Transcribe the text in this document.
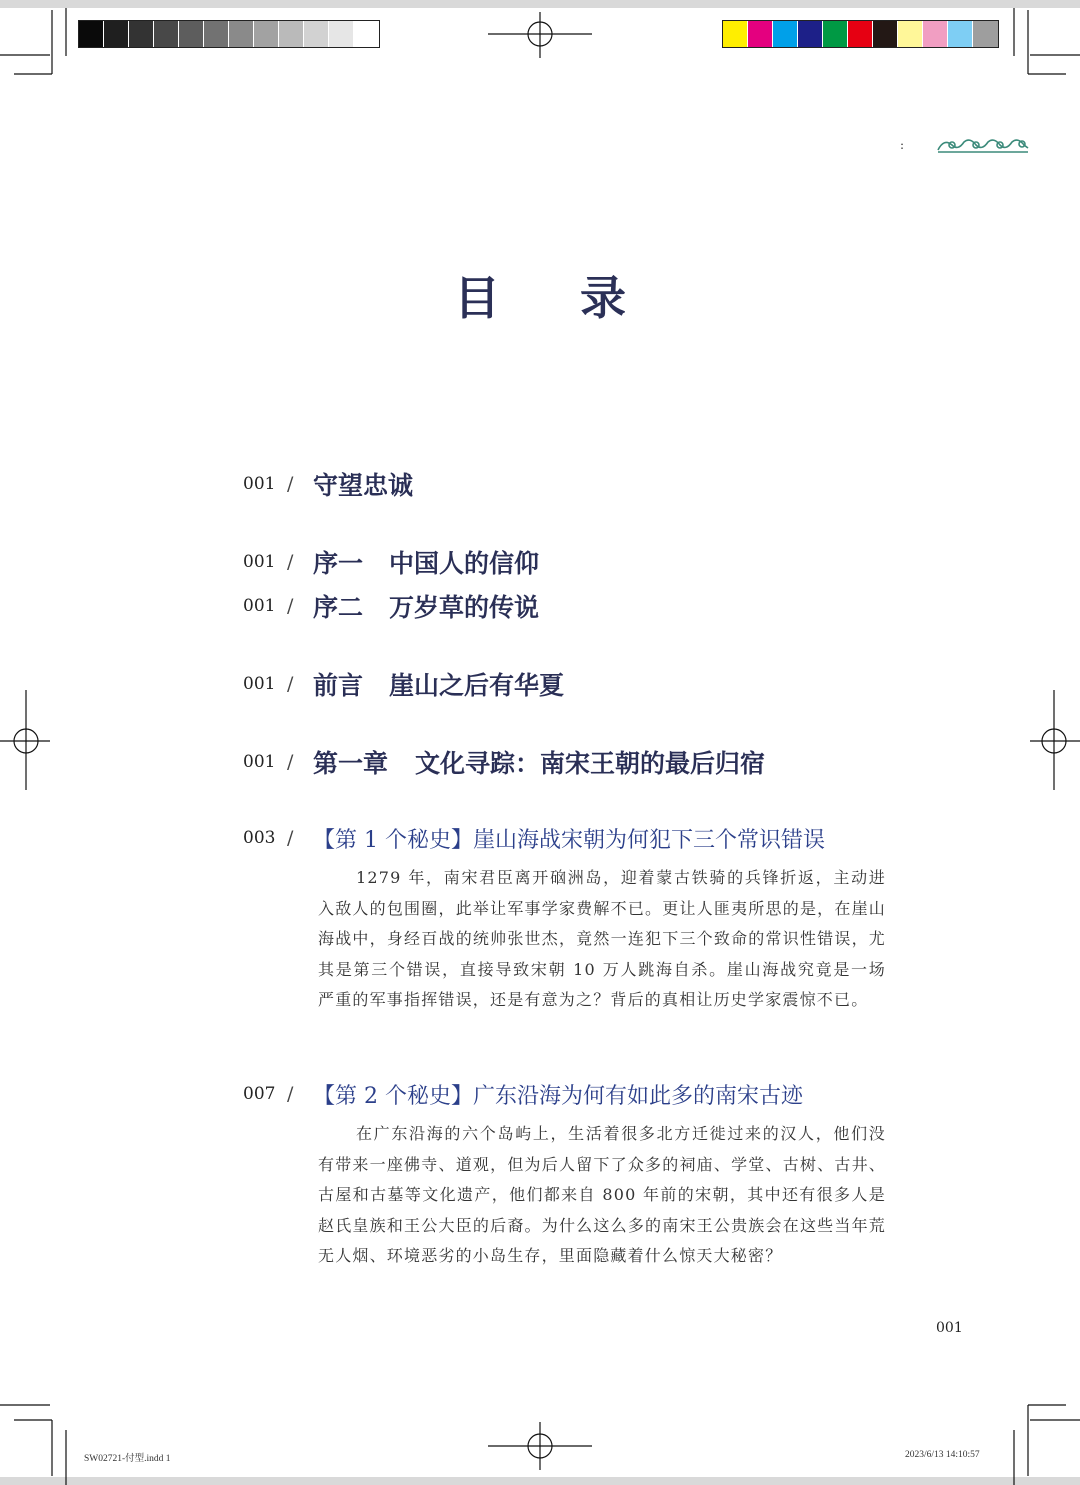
:
目 录
001 / 守望忠诚
001 / 序一 中国人的信仰
001 / 序二 万岁草的传说
001 / 前言 崖山之后有华夏
001 / 第一章 文化寻踪：南宋王朝的最后归宿
003 / 【第 1 个秘史】崖山海战宋朝为何犯下三个常识错误
1279 年，南宋君臣离开硇洲岛，迎着蒙古铁骑的兵锋折返，主动进入敌人的包围圈，此举让军事学家费解不已。更让人匪夷所思的是，在崖山海战中，身经百战的统帅张世杰，竟然一连犯下三个致命的常识性错误，尤其是第三个错误，直接导致宋朝 10 万人跳海自杀。崖山海战究竟是一场严重的军事指挥错误，还是有意为之？背后的真相让历史学家震惊不已。
007 / 【第 2 个秘史】广东沿海为何有如此多的南宋古迹
在广东沿海的六个岛屿上，生活着很多北方迁徙过来的汉人，他们没有带来一座佛寺、道观，但为后人留下了众多的祠庙、学堂、古树、古井、古屋和古墓等文化遗产，他们都来自 800 年前的宋朝，其中还有很多人是赵氏皇族和王公大臣的后裔。为什么这么多的南宋王公贵族会在这些当年荒无人烟、环境恶劣的小岛生存，里面隐藏着什么惊天大秘密？
001
SW02721-付型.indd 1	2023/6/13 14:10:57
